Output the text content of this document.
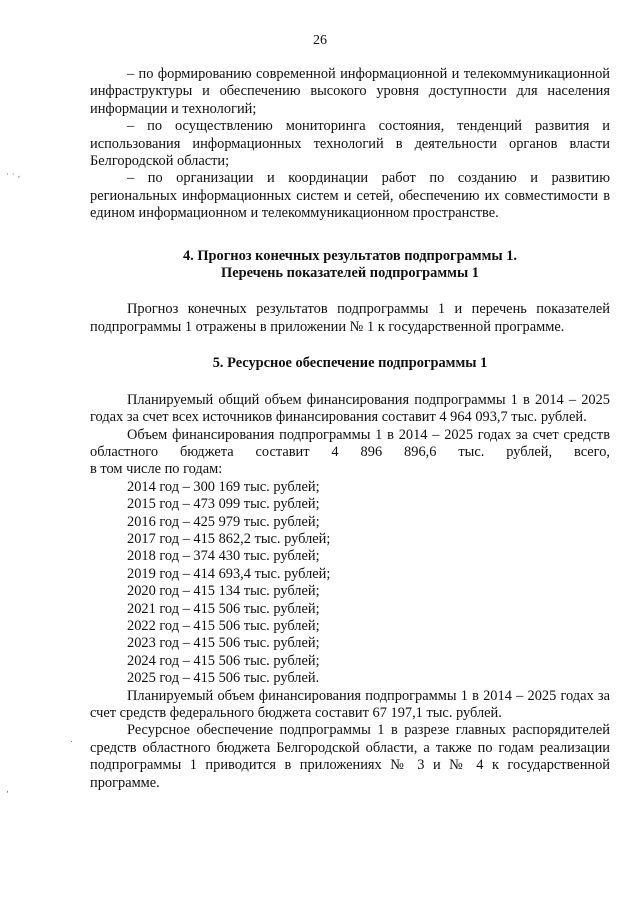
26
· · ,
.
,

– по формированию современной информационной и телекоммуникационной инфраструктуры и обеспечению высокого уровня доступности для населения информации и технологий;

– по осуществлению мониторинга состояния, тенденций развития и использования информационных технологий в деятельности органов власти Белгородской области;

– по организации и координации работ по созданию и развитию региональных информационных систем и сетей, обеспечению их совместимости в едином информационном и телекоммуникационном пространстве.

4. Прогноз конечных результатов подпрограммы 1.

Перечень показателей подпрограммы 1

Прогноз конечных результатов подпрограммы 1 и перечень показателей подпрограммы 1 отражены в приложении № 1 к государственной программе.

5. Ресурсное обеспечение подпрограммы 1

Планируемый общий объем финансирования подпрограммы 1 в 2014 – 2025 годах за счет всех источников финансирования составит 4 964 093,7 тыс. рублей.

Объем финансирования подпрограммы 1 в 2014 – 2025 годах за счет средств областного бюджета составит 4 896 896,6 тыс. рублей, всего,

в том числе по годам:

2014 год – 300 169 тыс. рублей;

2015 год – 473 099 тыс. рублей;

2016 год – 425 979 тыс. рублей;

2017 год – 415 862,2 тыс. рублей;

2018 год – 374 430 тыс. рублей;

2019 год – 414 693,4 тыс. рублей;

2020 год – 415 134 тыс. рублей;

2021 год – 415 506 тыс. рублей;

2022 год – 415 506 тыс. рублей;

2023 год – 415 506 тыс. рублей;

2024 год – 415 506 тыс. рублей;

2025 год – 415 506 тыс. рублей.

Планируемый объем финансирования подпрограммы 1 в 2014 – 2025 годах за счет средств федерального бюджета составит 67 197,1 тыс. рублей.

Ресурсное обеспечение подпрограммы 1 в разрезе главных распорядителей средств областного бюджета Белгородской области, а также по годам реализации подпрограммы 1 приводится в приложениях № 3 и № 4 к государственной программе.
